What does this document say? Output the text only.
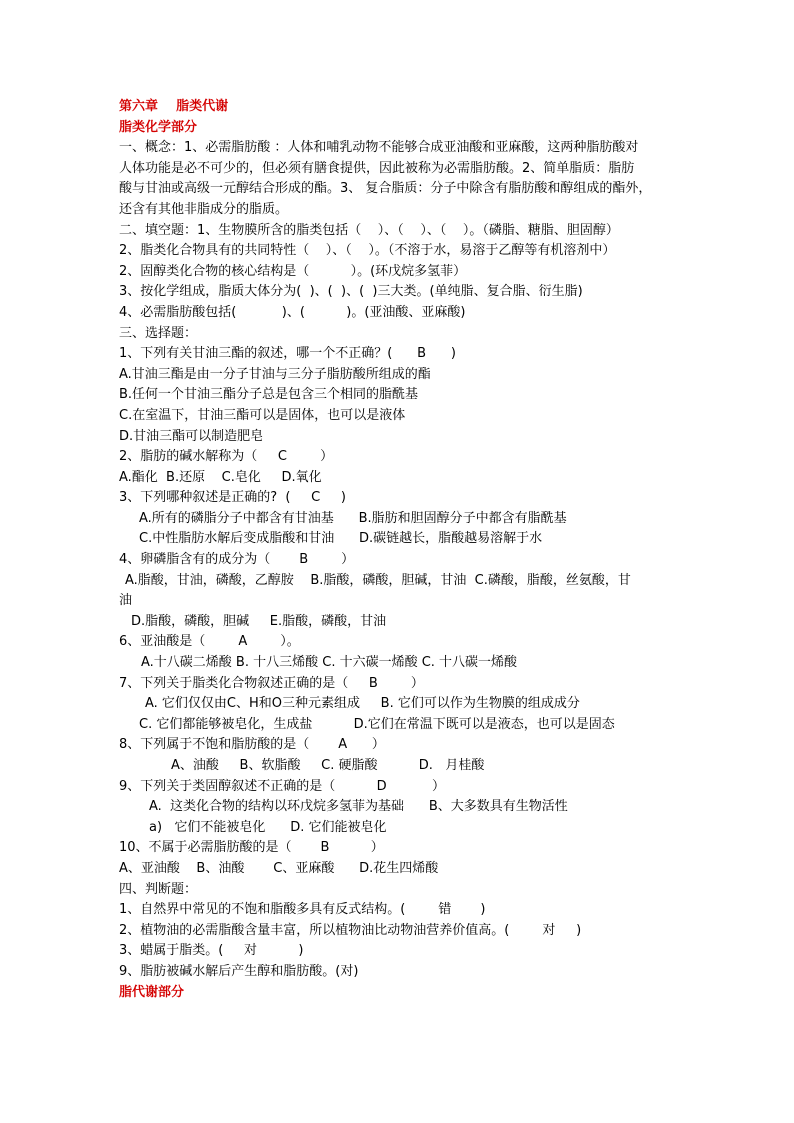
第六章    脂类代谢
脂类化学部分
一、概念：1、必需脂肪酸 ：人体和哺乳动物不能够合成亚油酸和亚麻酸，这两种脂肪酸对
人体功能是必不可少的，但必须有膳食提供，因此被称为必需脂肪酸。2、简单脂质：脂肪
酸与甘油或高级一元醇结合形成的酯。3、 复合脂质：分子中除含有脂肪酸和醇组成的酯外，
还含有其他非脂成分的脂质。
二、填空题：1、生物膜所含的脂类包括（    ）、（    ）、（    ）。（磷脂、糖脂、胆固醇）
2、脂类化合物具有的共同特性（    ）、（    ）。（不溶于水，易溶于乙醇等有机溶剂中）
2、固醇类化合物的核心结构是（          ）。(环戊烷多氢菲）
3、按化学组成，脂质大体分为(  )、(  )、(  )三大类。(单纯脂、复合脂、衍生脂)
4、必需脂肪酸包括(           )、(          )。(亚油酸、亚麻酸)
三、选择题：
1、下列有关甘油三酯的叙述，哪一个不正确？(      B      )
A.甘油三酯是由一分子甘油与三分子脂肪酸所组成的酯
B.任何一个甘油三酯分子总是包含三个相同的脂酰基
C.在室温下，甘油三酯可以是固体，也可以是液体
D.甘油三酯可以制造肥皂
2、脂肪的碱水解称为（     C        ）
A.酯化  B.还原    C.皂化     D.氧化
3、下列哪种叙述是正确的?  (     C     )
A.所有的磷脂分子中都含有甘油基      B.脂肪和胆固醇分子中都含有脂酰基
C.中性脂肪水解后变成脂酸和甘油      D.碳链越长，脂酸越易溶解于水
4、卵磷脂含有的成分为（       B        ）
A.脂酸，甘油，磷酸，乙醇胺    B.脂酸，磷酸，胆碱，甘油  C.磷酸，脂酸，丝氨酸，甘
油
D.脂酸，磷酸，胆碱     E.脂酸，磷酸，甘油
6、亚油酸是（        A        ）。
A.十八碳二烯酸 B. 十八三烯酸 C. 十六碳一烯酸 C. 十八碳一烯酸
7、下列关于脂类化合物叙述正确的是（     B        ）
A. 它们仅仅由C、H和O三种元素组成     B. 它们可以作为生物膜的组成成分
C. 它们都能够被皂化，生成盐          D.它们在常温下既可以是液态，也可以是固态
8、下列属于不饱和脂肪酸的是（       A      ）
A、油酸     B、软脂酸     C. 硬脂酸          D.   月桂酸
9、下列关于类固醇叙述不正确的是（          D           ）
A.  这类化合物的结构以环戊烷多氢菲为基础      B、大多数具有生物活性
a)   它们不能被皂化      D. 它们能被皂化
10、不属于必需脂肪酸的是（       B          ）
A、亚油酸    B、油酸       C、亚麻酸      D.花生四烯酸
四、判断题：
1、自然界中常见的不饱和脂酸多具有反式结构。(        错       )
2、植物油的必需脂酸含量丰富，所以植物油比动物油营养价值高。(        对     )
3、蜡属于脂类。(     对          )
9、脂肪被碱水解后产生醇和脂肪酸。(对)
脂代谢部分
